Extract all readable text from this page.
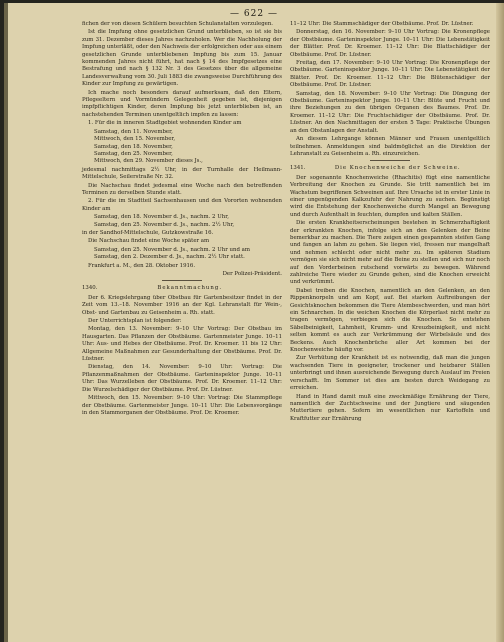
— 622 —
fichen der von diesen Schülern besuchten Schulanstalten vorzulegen.
Ist die Impfung ohne gesetzlichen Grund unterblieben, so ist sie bis zum 31. Dezember dieses Jahres nachzuholen. Wer die Nachholung der Impfung unterläßt, oder den Nachweis der erfolgreichen oder aus einem gesetzlichen Grunde unterbliebenen Impfung bis zum 15. Januar kommenden Jahres nicht führt, hat nach § 14 des Impfgesetzes eine Bestrafung und nach § 132 Nr. 3 des Gesetzes über die allgemeine Landesverwaltung vom 30. Juli 1883 die zwangsweise Durchführung des Kinder zur Impfung zu gewärtigen.
Ich mache noch besonders darauf aufmerksam, daß den Eltern, Pflegeeltern und Vormündern Gelegenheit gegeben ist, diejenigen impfpflichtigen Kinder, deren Impfung bis jetzt unterblieben ist, an nachstehenden Terminen unentgeltlich impfen zu lassen:
1. Für die in inneren Stadtgebiet wohnenden Kinder am
Samstag, den 11. November,
Mittwoch, den 15. November,
Samstag, den 18. November,
Samstag, den 25. November,
Mittwoch, den 29. November dieses Js.,
jedesmal nachmittags 2½ Uhr, in der Turnhalle der Heilmann-Mittelschule, Seilerstraße Nr. 32.
Die Nachschau findet jedesmal eine Woche nach den betreffenden Terminen zu derselben Stunde statt.
2. Für die im Stadtteil Sachsenhausen und den Vororten wohnenden Kinder am
Samstag, den 18. November d. Js., nachm. 2 Uhr,
Samstag, den 25. November d. Js., nachm. 2½ Uhr,
in der Sandhof-Mittelschule, Gutzkowstraße 16.
Die Nachschau findet eine Woche später am
Samstag, den 25. November d. Js., nachm. 2 Uhr und am
Samstag, den 2. Dezember d. Js., nachm. 2½ Uhr statt.
Frankfurt a. M., den 28. Oktober 1916.
Der Polizei-Präsident.
1340.	Bekanntmachung.
Der 6. Kriegslehrgang über Obstbau für Gartenbesitzer findet in der Zeit vom 13.–18. November 1916 an der Kgl. Lehranstalt für Wein-, Obst- und Gartenbau zu Geisenheim a. Rh. statt.
Der Unterrichtsplan ist folgender:
Montag, den 13. November: 9–10 Uhr Vortrag: Der Obstbau im Hausgarten. Das Pflanzen der Obstbäume. Gartenmeister Junge. 10–11 Uhr: Aus- und Hebes der Obstbäume. Prof. Dr. Kroemer. 11 bis 12 Uhr: Allgemeine Maßnahmen zur Gesunderhaltung der Obstbäume. Prof. Dr. Lüstner.
Dienstag, den 14. November: 9–10 Uhr: Vortrag: Die Pflanzenmaßnahmen der Obstbäume. Garteninspektor Junge. 10–11 Uhr: Das Wurzelleben der Obstbäume. Prof. Dr. Kroemer. 11–12 Uhr: Die Wurzelschädiger der Obstbäume. Prof. Dr. Lüstner.
Mittwoch, den 15. November: 9–10 Uhr: Vortrag: Die Stammpflege der Obstbäume. Gartenmeister Junge. 10–11 Uhr: Die Lebensvorgänge in den Stammorganen der Obstbäume. Prof. Dr. Kroemer.
11–12 Uhr: Die Stammschädiger der Obstbäume. Prof. Dr. Lüstner.
Donnerstag, den 16. November: 9–10 Uhr Vortrag: Die Kronenpflege der Obstbäume. Garteninspektor Junge. 10–11 Uhr: Die Lebenstätigkeit der Blätter. Prof. Dr. Kroemer. 11–12 Uhr: Die Blattschädiger der Obstbäume. Prof. Dr. Lüstner.
Freitag, den 17. November: 9–10 Uhr Vortrag: Die Kronenpflege der Obstbäume. Garteninspektor Junge. 10–11 Uhr: Die Lebenstätigkeit der Blätter. Prof. Dr. Kroemer. 11–12 Uhr: Die Blütenschädiger der Obstbäume. Prof. Dr. Lüstner.
Samstag, den 18. November: 9–10 Uhr Vortrag: Die Düngung der Obstbäume. Garteninspektor Junge. 10–11 Uhr: Blüte und Frucht und ihre Beziehungen zu den übrigen Organen des Baumes. Prof. Dr. Kroemer. 11–12 Uhr: Die Fruchtschädiger der Obstbäume. Prof. Dr. Lüstner. An den Nachmittagen der ersten 5 Tage: Praktische Übungen an den Obstanlagen der Anstalt.
An diesem Lehrgange können Männer und Frauen unentgeltlich teilnehmen. Anmeldungen sind baldmöglichst an die Direktion der Lehranstalt zu Geisenheim a. Rh. einzureichen.
1341.	Die Knochenweiche der Schweine.
Der sogenannte Knochenweiche (Rhachitis) fügt eine namentliche Verbreitung der Knochen zu Grunde. Sie tritt namentlich bei im Wachstum begriffenen Schweinen auf. Ihre Ursache ist in erster Linie in einer ungenügenden Kalkzufuhr der Nahrung zu suchen. Begünstigt wird die Entstehung der Knochenweiche durch Mangel an Bewegung und durch Aufenthalt in feuchten, dumpfen und kalten Ställen.
Die ersten Krankheitserscheinungen bestehen in Schmerzhaftigkeit der erkrankten Knochen, infolge sich an den Gelenken der Beine bemerkbar zu machen. Die Tiere zeigen einen gespannten steifen Gang und fangen an lahm zu gehen. Sie liegen viel, fressen nur mangelhaft und nehmen schlecht oder nicht mehr zu. Im späteren Stadium vermögen sie sich nicht mehr auf die Beine zu stellen und sich nur noch auf den Vorderbeinen rutschend vorwärts zu bewegen. Während zahlreiche Tiere wieder zu Grunde gehen, sind die Knochen erweicht und verkrümmt.
Dabei treiben die Knochen, namentlich an den Gelenken, an den Rippenknorpeln und am Kopf, auf. Bei starken Auftreibungen der Gesichtsknochen bekommen die Tiere Atembeschwerden, und man hört ein Schnarchen. In die weichen Knochen die Körperlast nicht mehr zu tragen vermögen, verbiegen sich die Knochen. So entstehen Säbelbeinigkeit, Lahmheit, Krumm- und Kreuzbeinigkeit, und nicht selten kommt es auch zur Verkrümmung der Wirbelsäule und des Beckens. Auch Knochenbrüche aller Art kommen bei der Knochenweiche häufig vor.
Zur Verhütung der Krankheit ist es notwendig, daß man die jungen wachsenden Tiere in geeigneter, trockener und heizbarer Ställen unterbringt und ihnen ausreichende Bewegung durch Auslauf im Freien verschafft. Im Sommer ist dies am besten durch Weidegang zu erreichen.
Hand in Hand damit muß eine zweckmäßige Ernährung der Tiere, namentlich der Zuchtschweine und der Jungtiere und säugenden Muttertiere gehen. Sofern im wesentlichen nur Kartoffeln und Kraftfutter zur Ernährung
